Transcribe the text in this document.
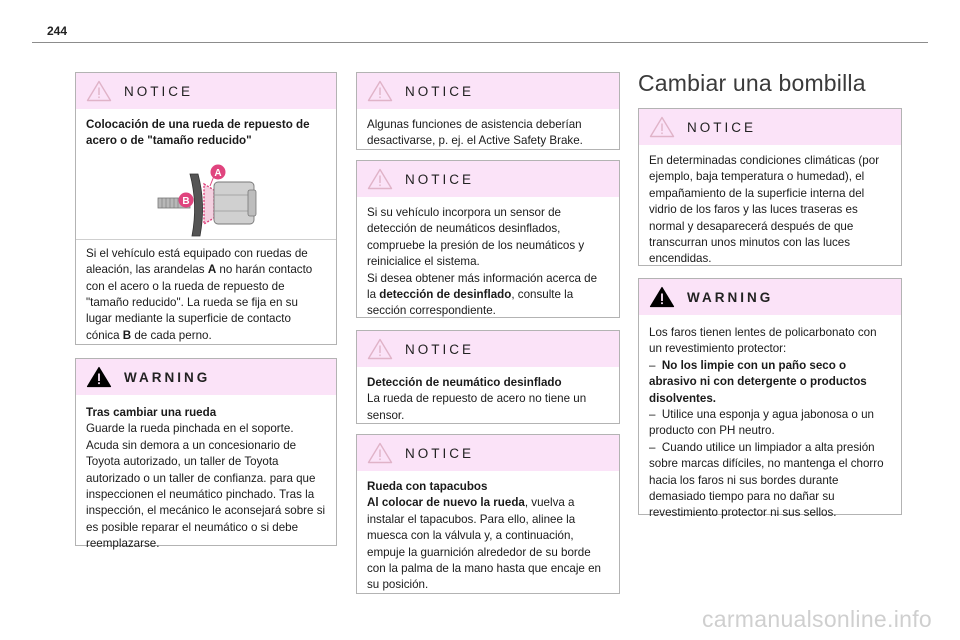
244
NOTICE

Colocación de una rueda de repuesto de acero o de "tamaño reducido"

A
B

Si el vehículo está equipado con ruedas de aleación, las arandelas A no harán contacto con el acero o la rueda de repuesto de "tamaño reducido". La rueda se fija en su lugar mediante la superficie de contacto cónica B de cada perno.

WARNING

Tras cambiar una rueda

Guarde la rueda pinchada en el soporte. Acuda sin demora a un concesionario de Toyota autorizado, un taller de Toyota autorizado o un taller de confianza. para que inspeccionen el neumático pinchado. Tras la inspección, el mecánico le aconsejará sobre si es posible reparar el neumático o si debe reemplazarse.

NOTICE

Algunas funciones de asistencia deberían desactivarse, p. ej. el Active Safety Brake.

NOTICE

Si su vehículo incorpora un sensor de detección de neumáticos desinflados, compruebe la presión de los neumáticos y reinicialice el sistema.

Si desea obtener más información acerca de la detección de desinflado, consulte la sección correspondiente.

NOTICE

Detección de neumático desinflado

La rueda de repuesto de acero no tiene un sensor.

NOTICE

Rueda con tapacubos

Al colocar de nuevo la rueda, vuelva a instalar el tapacubos. Para ello, alinee la muesca con la válvula y, a continuación, empuje la guarnición alrededor de su borde con la palma de la mano hasta que encaje en su posición.

Cambiar una bombilla
NOTICE

En determinadas condiciones climáticas (por ejemplo, baja temperatura o humedad), el empañamiento de la superficie interna del vidrio de los faros y las luces traseras es normal y desaparecerá después de que transcurran unos minutos con las luces encendidas.

WARNING

Los faros tienen lentes de policarbonato con un revestimiento protector:

– No los limpie con un paño seco o abrasivo ni con detergente o productos disolventes.

– Utilice una esponja y agua jabonosa o un producto con PH neutro.

– Cuando utilice un limpiador a alta presión sobre marcas difíciles, no mantenga el chorro hacia los faros ni sus bordes durante demasiado tiempo para no dañar su revestimiento protector ni sus sellos.

carmanualsonline.info
